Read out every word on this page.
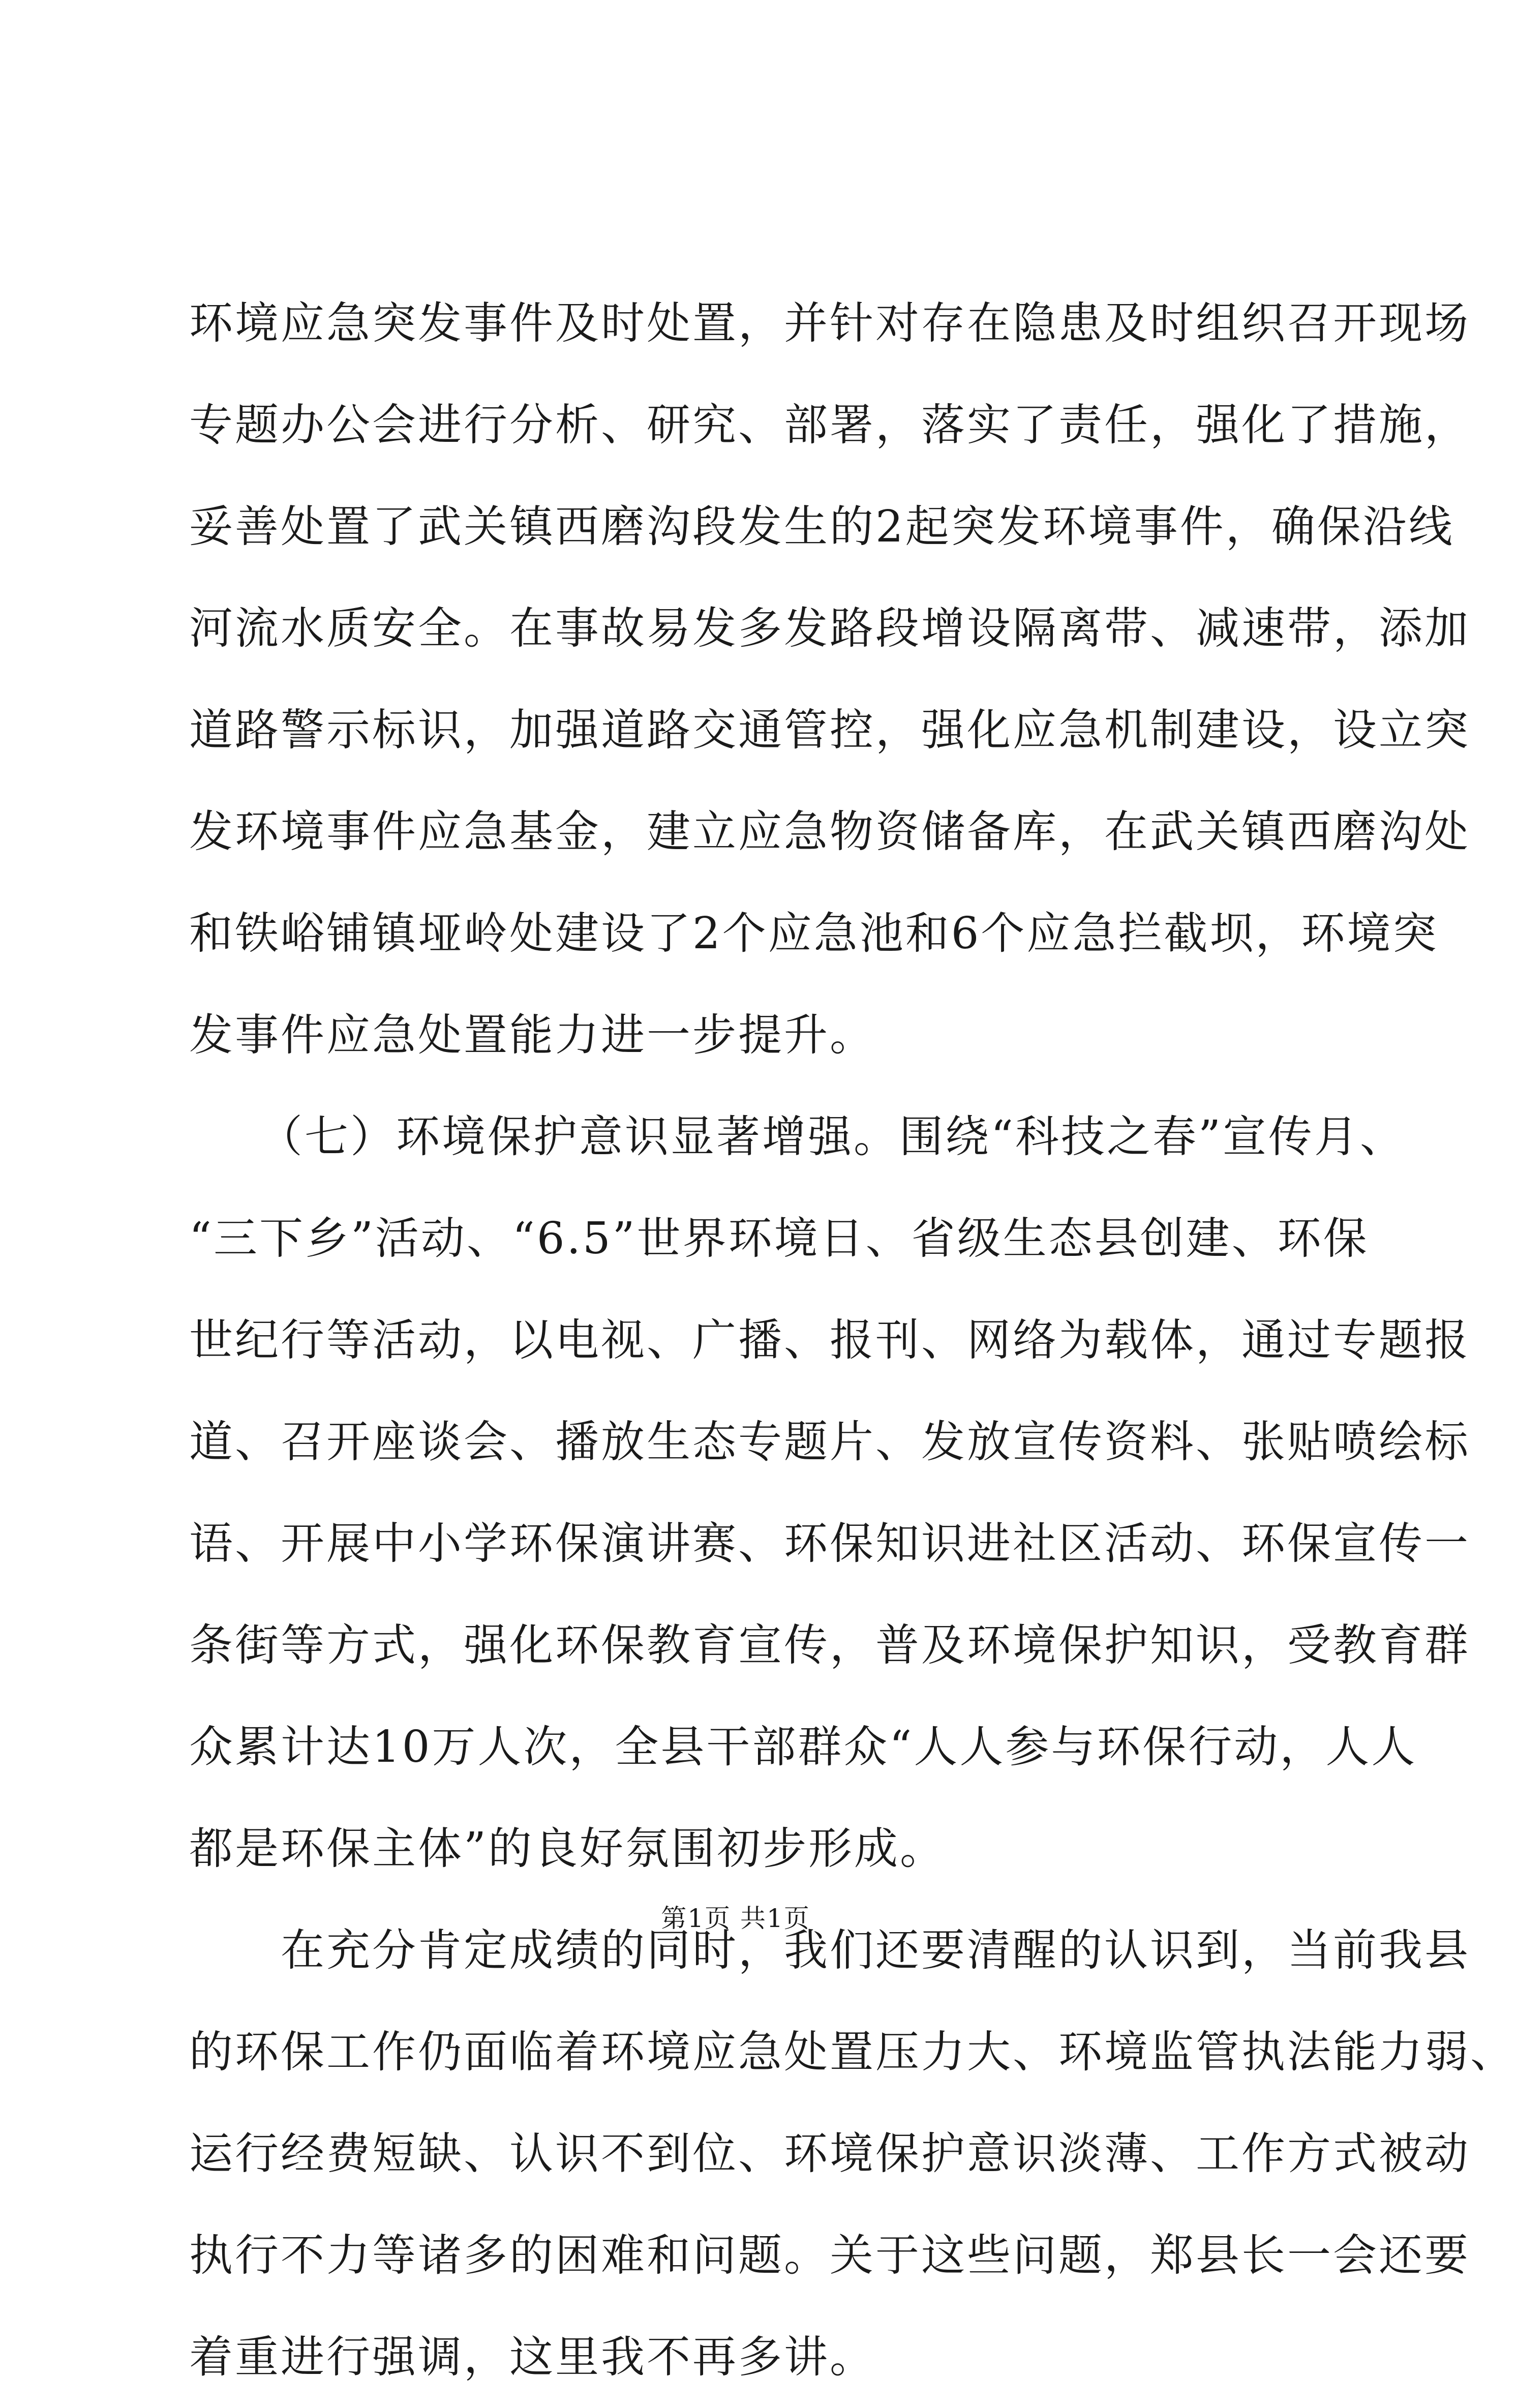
环境应急突发事件及时处置，并针对存在隐患及时组织召开现场
专题办公会进行分析、研究、部署，落实了责任，强化了措施，
妥善处置了武关镇西磨沟段发生的2起突发环境事件，确保沿线
河流水质安全。在事故易发多发路段增设隔离带、减速带，添加
道路警示标识，加强道路交通管控，强化应急机制建设，设立突
发环境事件应急基金，建立应急物资储备库，在武关镇西磨沟处
和铁峪铺镇垭岭处建设了2个应急池和6个应急拦截坝，环境突
发事件应急处置能力进一步提升。
　　（七）环境保护意识显著增强。围绕“科技之春”宣传月、
“三下乡”活动、“6.5”世界环境日、省级生态县创建、环保
世纪行等活动，以电视、广播、报刊、网络为载体，通过专题报
道、召开座谈会、播放生态专题片、发放宣传资料、张贴喷绘标
语、开展中小学环保演讲赛、环保知识进社区活动、环保宣传一
条街等方式，强化环保教育宣传，普及环境保护知识，受教育群
众累计达10万人次，全县干部群众“人人参与环保行动，人人
都是环保主体”的良好氛围初步形成。
　　在充分肯定成绩的同时，我们还要清醒的认识到，当前我县
的环保工作仍面临着环境应急处置压力大、环境监管执法能力弱、
运行经费短缺、认识不到位、环境保护意识淡薄、工作方式被动
执行不力等诸多的困难和问题。关于这些问题，郑县长一会还要
着重进行强调，这里我不再多讲。
第1页 共1页
